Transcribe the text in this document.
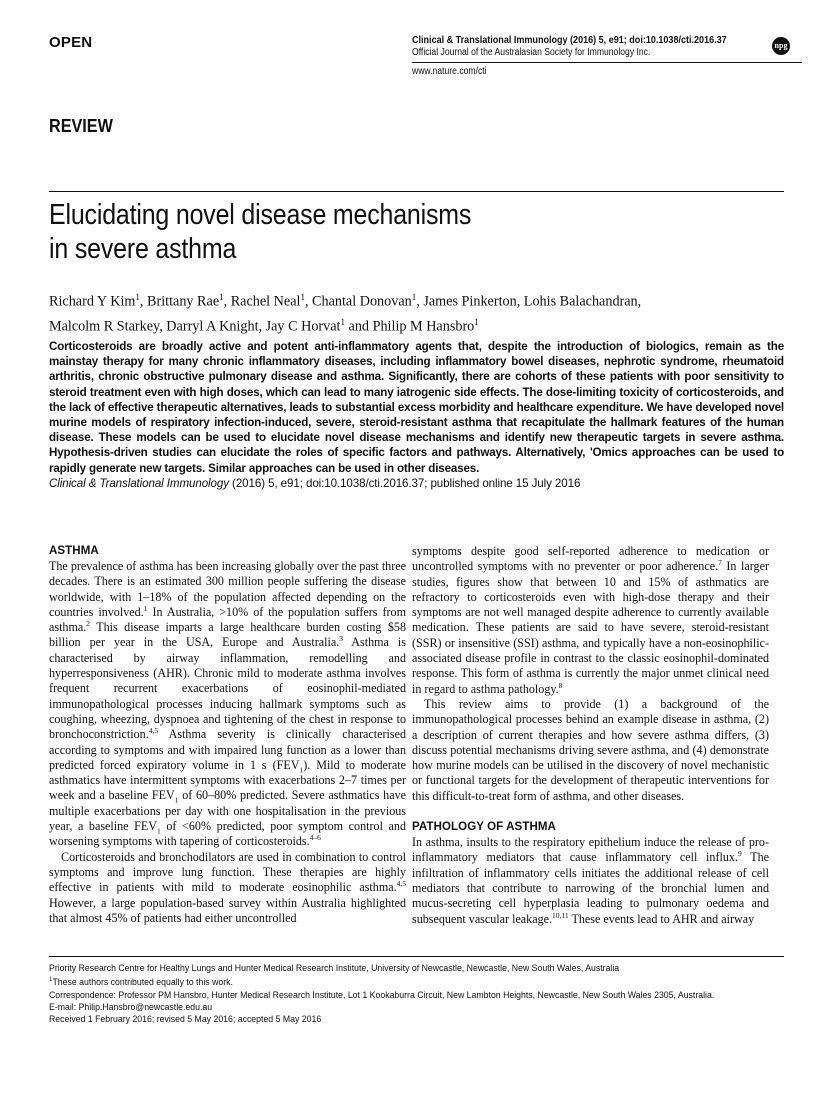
OPEN	Clinical & Translational Immunology (2016) 5, e91; doi:10.1038/cti.2016.37
Official Journal of the Australasian Society for Immunology Inc.
www.nature.com/cti
npg
REVIEW
Elucidating novel disease mechanisms
in severe asthma
Richard Y Kim$^1$, Brittany Rae$^1$, Rachel Neal$^1$, Chantal Donovan$^1$, James Pinkerton, Lohis Balachandran,
Malcolm R Starkey, Darryl A Knight, Jay C Horvat$^1$ and Philip M Hansbro$^1$
Corticosteroids are broadly active and potent anti-inflammatory agents that, despite the introduction of biologics, remain as the mainstay therapy for many chronic inflammatory diseases, including inflammatory bowel diseases, nephrotic syndrome, rheumatoid arthritis, chronic obstructive pulmonary disease and asthma. Significantly, there are cohorts of these patients with poor sensitivity to steroid treatment even with high doses, which can lead to many iatrogenic side effects. The dose-limiting toxicity of corticosteroids, and the lack of effective therapeutic alternatives, leads to substantial excess morbidity and healthcare expenditure. We have developed novel murine models of respiratory infection-induced, severe, steroid-resistant asthma that recapitulate the hallmark features of the human disease. These models can be used to elucidate novel disease mechanisms and identify new therapeutic targets in severe asthma. Hypothesis-driven studies can elucidate the roles of specific factors and pathways. Alternatively, 'Omics approaches can be used to rapidly generate new targets. Similar approaches can be used in other diseases.
Clinical & Translational Immunology (2016) 5, e91; doi:10.1038/cti.2016.37; published online 15 July 2016
ASTHMA

The prevalence of asthma has been increasing globally over the past three decades. There is an estimated 300 million people suffering the disease worldwide, with 1–18% of the population affected depending on the countries involved.$^1$ In Australia, >10% of the population suffers from asthma.$^2$ This disease imparts a large healthcare burden costing $58 billion per year in the USA, Europe and Australia.$^3$ Asthma is characterised by airway inflammation, remodelling and hyperresponsiveness (AHR). Chronic mild to moderate asthma involves frequent recurrent exacerbations of eosinophil-mediated immunopathological processes inducing hallmark symptoms such as coughing, wheezing, dyspnoea and tightening of the chest in response to bronchoconstriction.$^{4,5}$ Asthma severity is clinically characterised according to symptoms and with impaired lung function as a lower than predicted forced expiratory volume in 1 s $(FEV_1)$. Mild to moderate asthmatics have intermittent symptoms with exacerbations 2–7 times per week and a baseline $FEV_1$ of 60–80% predicted. Severe asthmatics have multiple exacerbations per day with one hospitalisation in the previous year, a baseline $FEV_1$ of <60% predicted, poor symptom control and worsening symptoms with tapering of corticosteroids.$^{4-6}$

Corticosteroids and bronchodilators are used in combination to control symptoms and improve lung function. These therapies are highly effective in patients with mild to moderate eosinophilic asthma.$^{4,5}$ However, a large population-based survey within Australia highlighted that almost 45% of patients had either uncontrolled

symptoms despite good self-reported adherence to medication or uncontrolled symptoms with no preventer or poor adherence.$^7$ In larger studies, figures show that between 10 and 15% of asthmatics are refractory to corticosteroids even with high-dose therapy and their symptoms are not well managed despite adherence to currently available medication. These patients are said to have severe, steroid-resistant (SSR) or insensitive (SSI) asthma, and typically have a non-eosinophilic-associated disease profile in contrast to the classic eosinophil-dominated response. This form of asthma is currently the major unmet clinical need in regard to asthma pathology.$^8$

This review aims to provide (1) a background of the immunopathological processes behind an example disease in asthma, (2) a description of current therapies and how severe asthma differs, (3) discuss potential mechanisms driving severe asthma, and (4) demonstrate how murine models can be utilised in the discovery of novel mechanistic or functional targets for the development of therapeutic interventions for this difficult-to-treat form of asthma, and other diseases.

PATHOLOGY OF ASTHMA

In asthma, insults to the respiratory epithelium induce the release of pro-inflammatory mediators that cause inflammatory cell influx.$^9$ The infiltration of inflammatory cells initiates the additional release of cell mediators that contribute to narrowing of the bronchial lumen and mucus-secreting cell hyperplasia leading to pulmonary oedema and subsequent vascular leakage.$^{10,11}$ These events lead to AHR and airway

Priority Research Centre for Healthy Lungs and Hunter Medical Research Institute, University of Newcastle, Newcastle, New South Wales, Australia
$^1$These authors contributed equally to this work.
Correspondence: Professor PM Hansbro, Hunter Medical Research Institute, Lot 1 Kookaburra Circuit, New Lambton Heights, Newcastle, New South Wales 2305, Australia.
E-mail: Philip.Hansbro@newcastle.edu.au
Received 1 February 2016; revised 5 May 2016; accepted 5 May 2016
